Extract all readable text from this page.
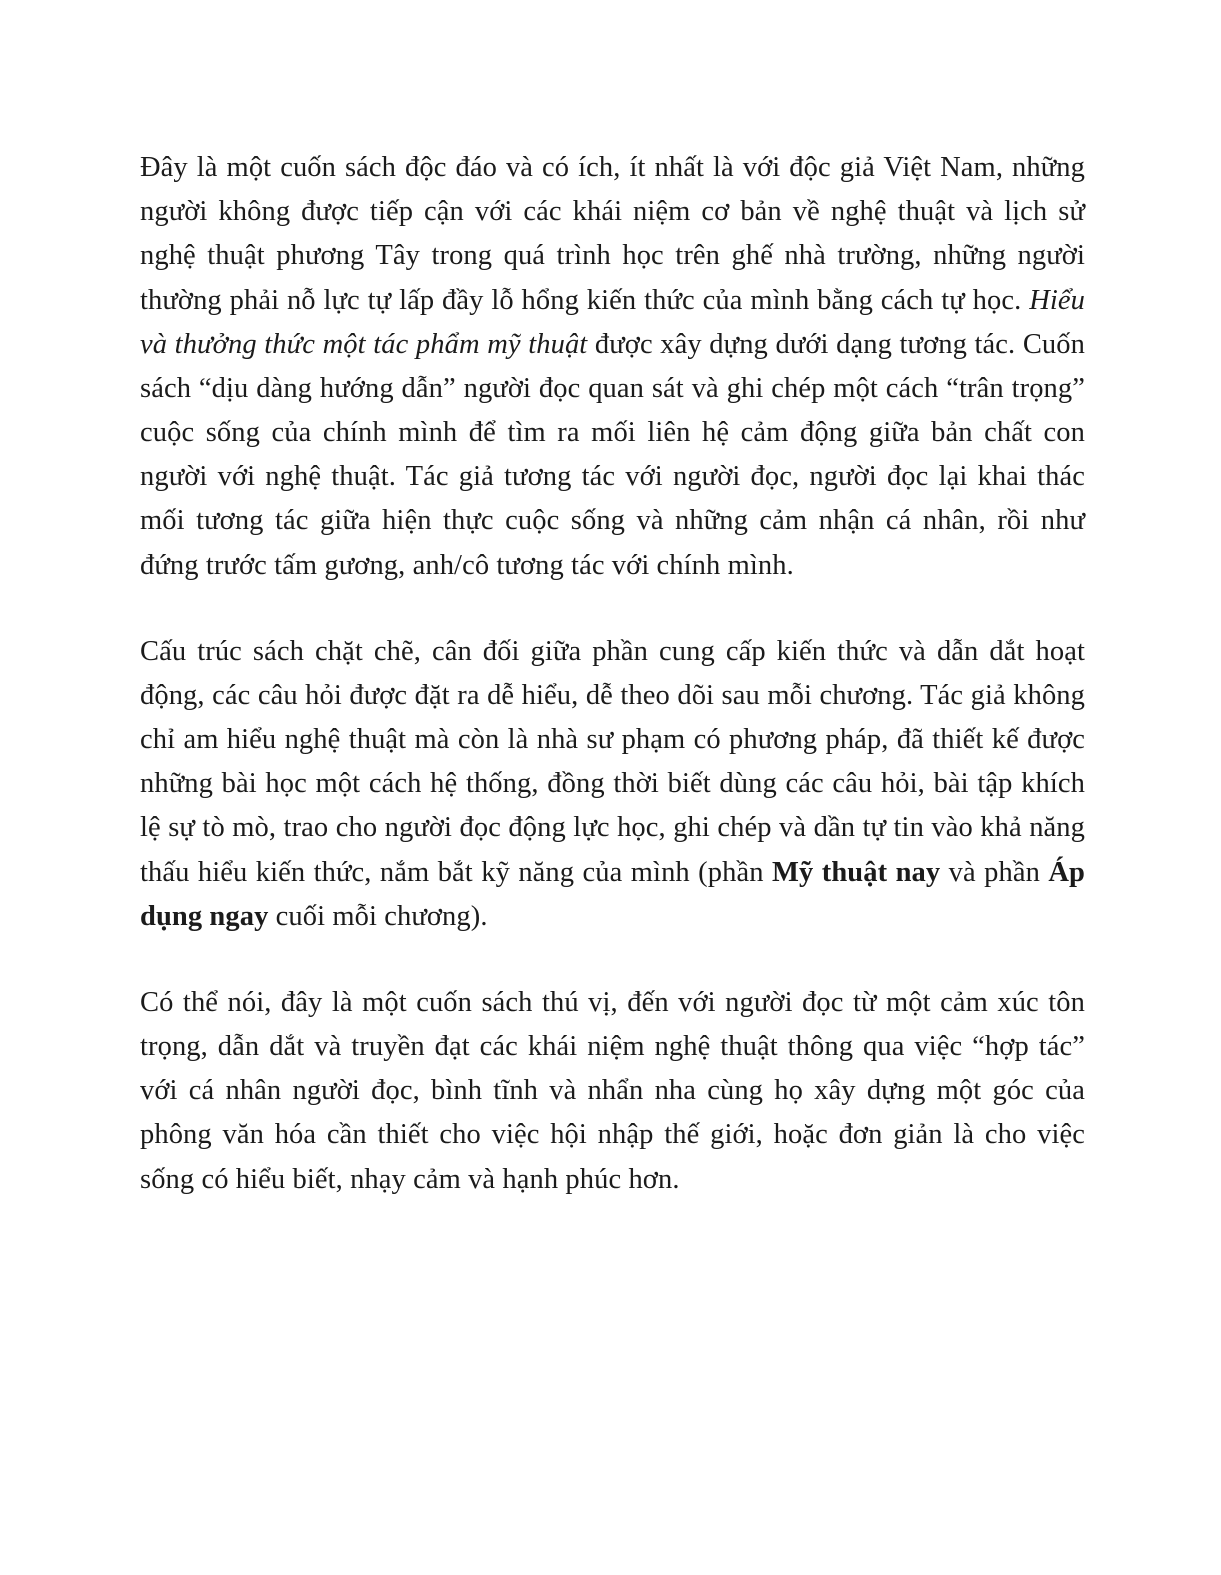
Đây là một cuốn sách độc đáo và có ích, ít nhất là với độc giả Việt Nam, những người không được tiếp cận với các khái niệm cơ bản về nghệ thuật và lịch sử nghệ thuật phương Tây trong quá trình học trên ghế nhà trường, những người thường phải nỗ lực tự lấp đầy lỗ hổng kiến thức của mình bằng cách tự học. Hiểu và thưởng thức một tác phẩm mỹ thuật được xây dựng dưới dạng tương tác. Cuốn sách “dịu dàng hướng dẫn” người đọc quan sát và ghi chép một cách “trân trọng” cuộc sống của chính mình để tìm ra mối liên hệ cảm động giữa bản chất con người với nghệ thuật. Tác giả tương tác với người đọc, người đọc lại khai thác mối tương tác giữa hiện thực cuộc sống và những cảm nhận cá nhân, rồi như đứng trước tấm gương, anh/cô tương tác với chính mình.

Cấu trúc sách chặt chẽ, cân đối giữa phần cung cấp kiến thức và dẫn dắt hoạt động, các câu hỏi được đặt ra dễ hiểu, dễ theo dõi sau mỗi chương. Tác giả không chỉ am hiểu nghệ thuật mà còn là nhà sư phạm có phương pháp, đã thiết kế được những bài học một cách hệ thống, đồng thời biết dùng các câu hỏi, bài tập khích lệ sự tò mò, trao cho người đọc động lực học, ghi chép và dần tự tin vào khả năng thấu hiểu kiến thức, nắm bắt kỹ năng của mình (phần Mỹ thuật nay và phần Áp dụng ngay cuối mỗi chương).

Có thể nói, đây là một cuốn sách thú vị, đến với người đọc từ một cảm xúc tôn trọng, dẫn dắt và truyền đạt các khái niệm nghệ thuật thông qua việc “hợp tác” với cá nhân người đọc, bình tĩnh và nhẩn nha cùng họ xây dựng một góc của phông văn hóa cần thiết cho việc hội nhập thế giới, hoặc đơn giản là cho việc sống có hiểu biết, nhạy cảm và hạnh phúc hơn.
